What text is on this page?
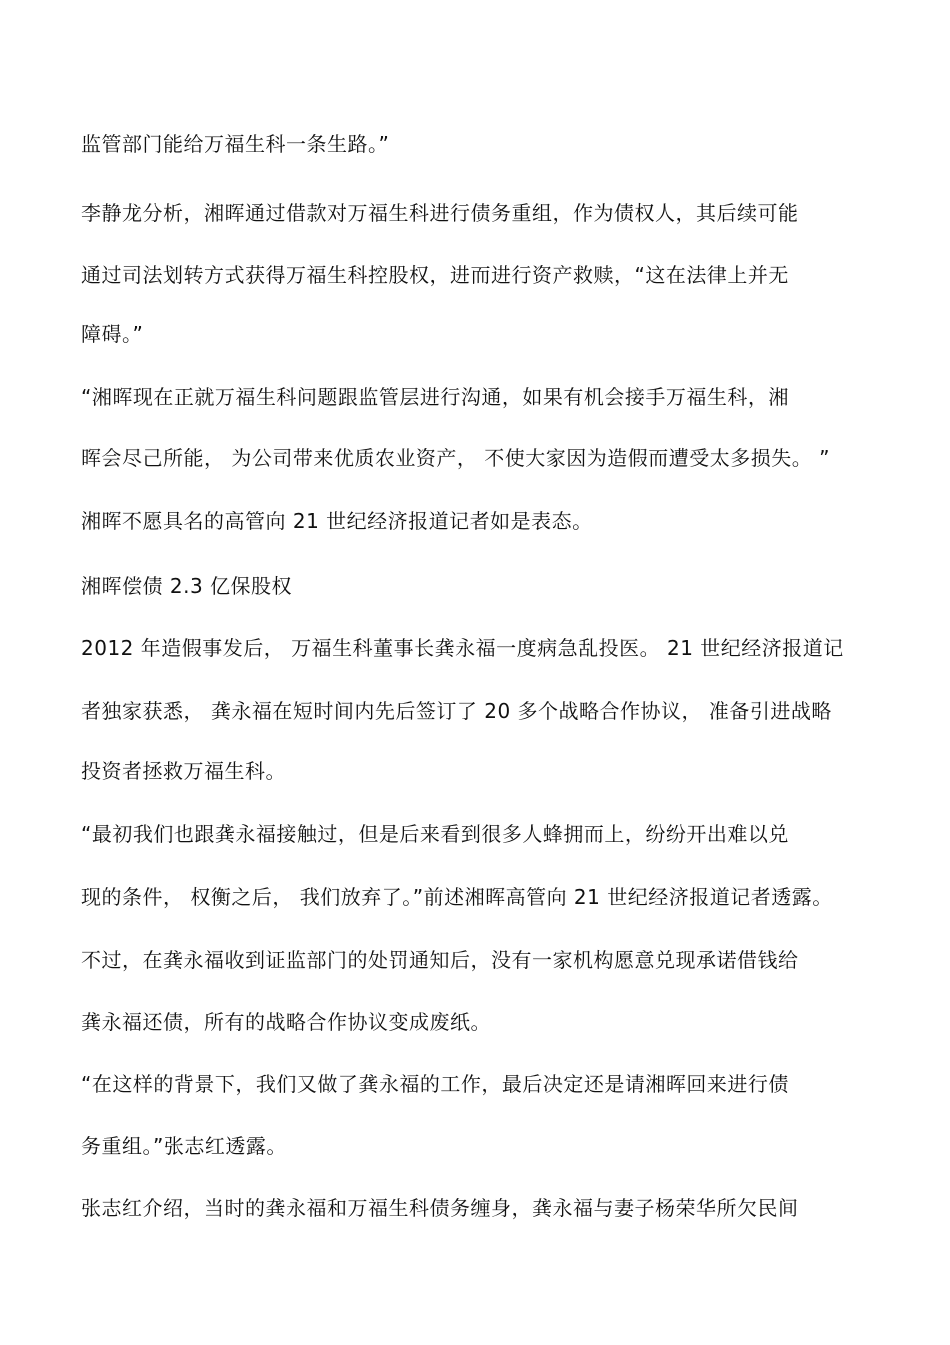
监管部门能给万福生科一条生路。”
李静龙分析，湘晖通过借款对万福生科进行债务重组，作为债权人，其后续可能
通过司法划转方式获得万福生科控股权，进而进行资产救赎，“这在法律上并无
障碍。”
“湘晖现在正就万福生科问题跟监管层进行沟通，如果有机会接手万福生科，湘
晖会尽己所能， 为公司带来优质农业资产， 不使大家因为造假而遭受太多损失。 ”
湘晖不愿具名的高管向 21 世纪经济报道记者如是表态。
湘晖偿债 2.3 亿保股权
2012 年造假事发后， 万福生科董事长龚永福一度病急乱投医。 21 世纪经济报道记
者独家获悉， 龚永福在短时间内先后签订了 20 多个战略合作协议， 准备引进战略
投资者拯救万福生科。
“最初我们也跟龚永福接触过，但是后来看到很多人蜂拥而上，纷纷开出难以兑
现的条件， 权衡之后， 我们放弃了。”前述湘晖高管向 21 世纪经济报道记者透露。
不过，在龚永福收到证监部门的处罚通知后，没有一家机构愿意兑现承诺借钱给
龚永福还债，所有的战略合作协议变成废纸。
“在这样的背景下，我们又做了龚永福的工作，最后决定还是请湘晖回来进行债
务重组。”张志红透露。
张志红介绍，当时的龚永福和万福生科债务缠身，龚永福与妻子杨荣华所欠民间
